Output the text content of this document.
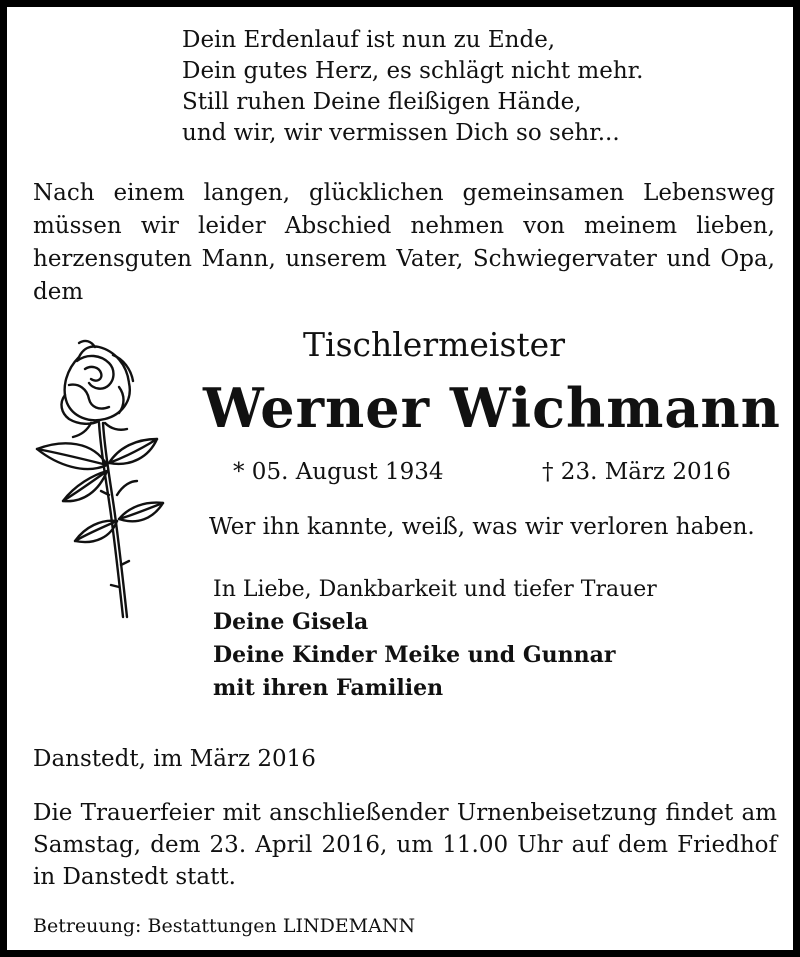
Dein Erdenlauf ist nun zu Ende,
Dein gutes Herz, es schlägt nicht mehr.
Still ruhen Deine fleißigen Hände,
und wir, wir vermissen Dich so sehr...
Nach einem langen, glücklichen gemeinsamen Lebensweg
müssen wir leider Abschied nehmen von meinem lieben,
herzensguten Mann, unserem Vater, Schwiegervater und Opa,
dem
Tischlermeister
Werner Wichmann
* 05. August 1934	† 23. März 2016
Wer ihn kannte, weiß, was wir verloren haben.
In Liebe, Dankbarkeit und tiefer Trauer
Deine Gisela
Deine Kinder Meike und Gunnar
mit ihren Familien
Danstedt, im März 2016
Die Trauerfeier mit anschließender Urnenbeisetzung findet am
Samstag, dem 23. April 2016, um 11.00 Uhr auf dem Friedhof
in Danstedt statt.
Betreuung: Bestattungen LINDEMANN
